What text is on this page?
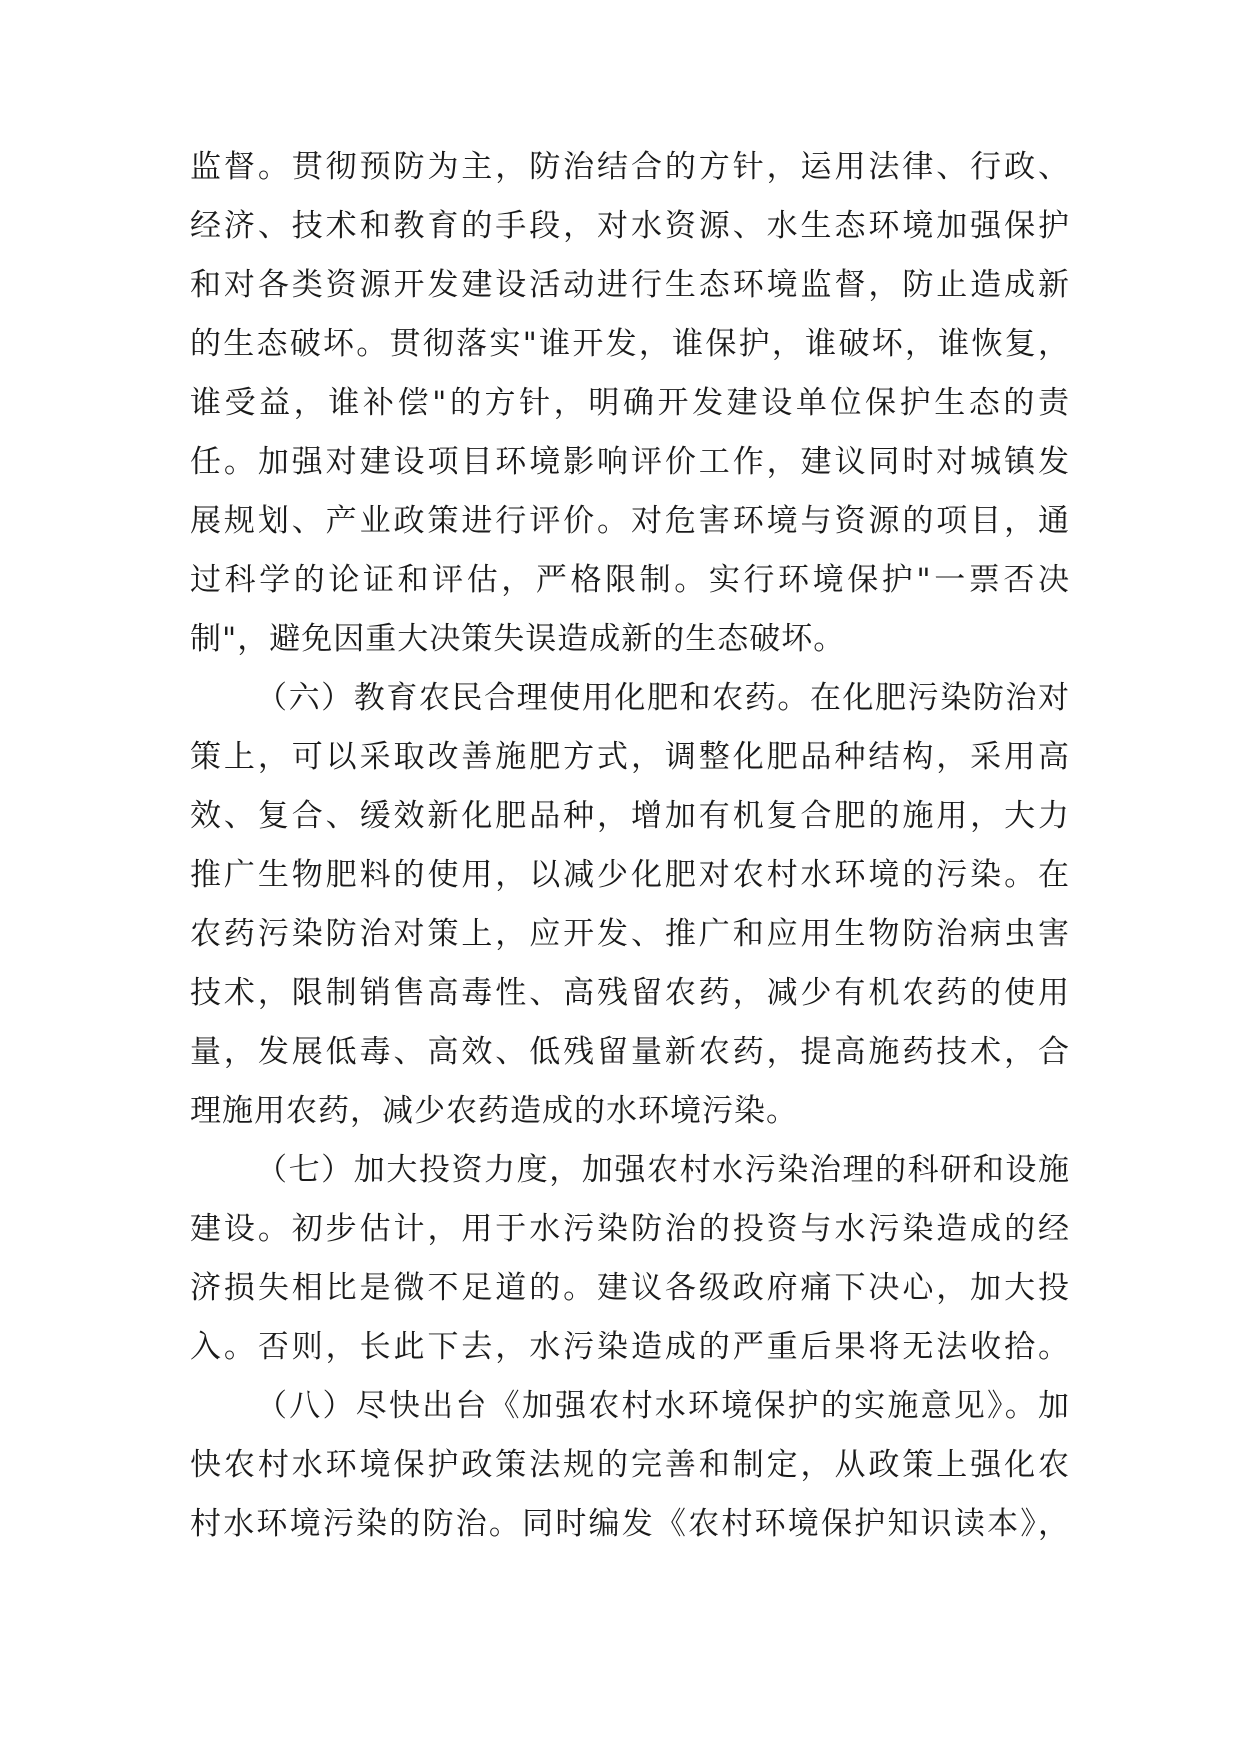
监督。贯彻预防为主，防治结合的方针，运用法律、行政、
经济、技术和教育的手段，对水资源、水生态环境加强保护
和对各类资源开发建设活动进行生态环境监督，防止造成新
的生态破坏。贯彻落实"谁开发，谁保护，谁破坏，谁恢复，
谁受益，谁补偿"的方针，明确开发建设单位保护生态的责
任。加强对建设项目环境影响评价工作，建议同时对城镇发
展规划、产业政策进行评价。对危害环境与资源的项目，通
过科学的论证和评估，严格限制。实行环境保护"一票否决
制"，避免因重大决策失误造成新的生态破坏。
（六）教育农民合理使用化肥和农药。在化肥污染防治对
策上，可以采取改善施肥方式，调整化肥品种结构，采用高
效、复合、缓效新化肥品种，增加有机复合肥的施用，大力
推广生物肥料的使用，以减少化肥对农村水环境的污染。在
农药污染防治对策上，应开发、推广和应用生物防治病虫害
技术，限制销售高毒性、高残留农药，减少有机农药的使用
量，发展低毒、高效、低残留量新农药，提高施药技术，合
理施用农药，减少农药造成的水环境污染。
（七）加大投资力度，加强农村水污染治理的科研和设施
建设。初步估计，用于水污染防治的投资与水污染造成的经
济损失相比是微不足道的。建议各级政府痛下决心，加大投
入。否则，长此下去，水污染造成的严重后果将无法收拾。
（八）尽快出台《加强农村水环境保护的实施意见》。加
快农村水环境保护政策法规的完善和制定，从政策上强化农
村水环境污染的防治。同时编发《农村环境保护知识读本》，
